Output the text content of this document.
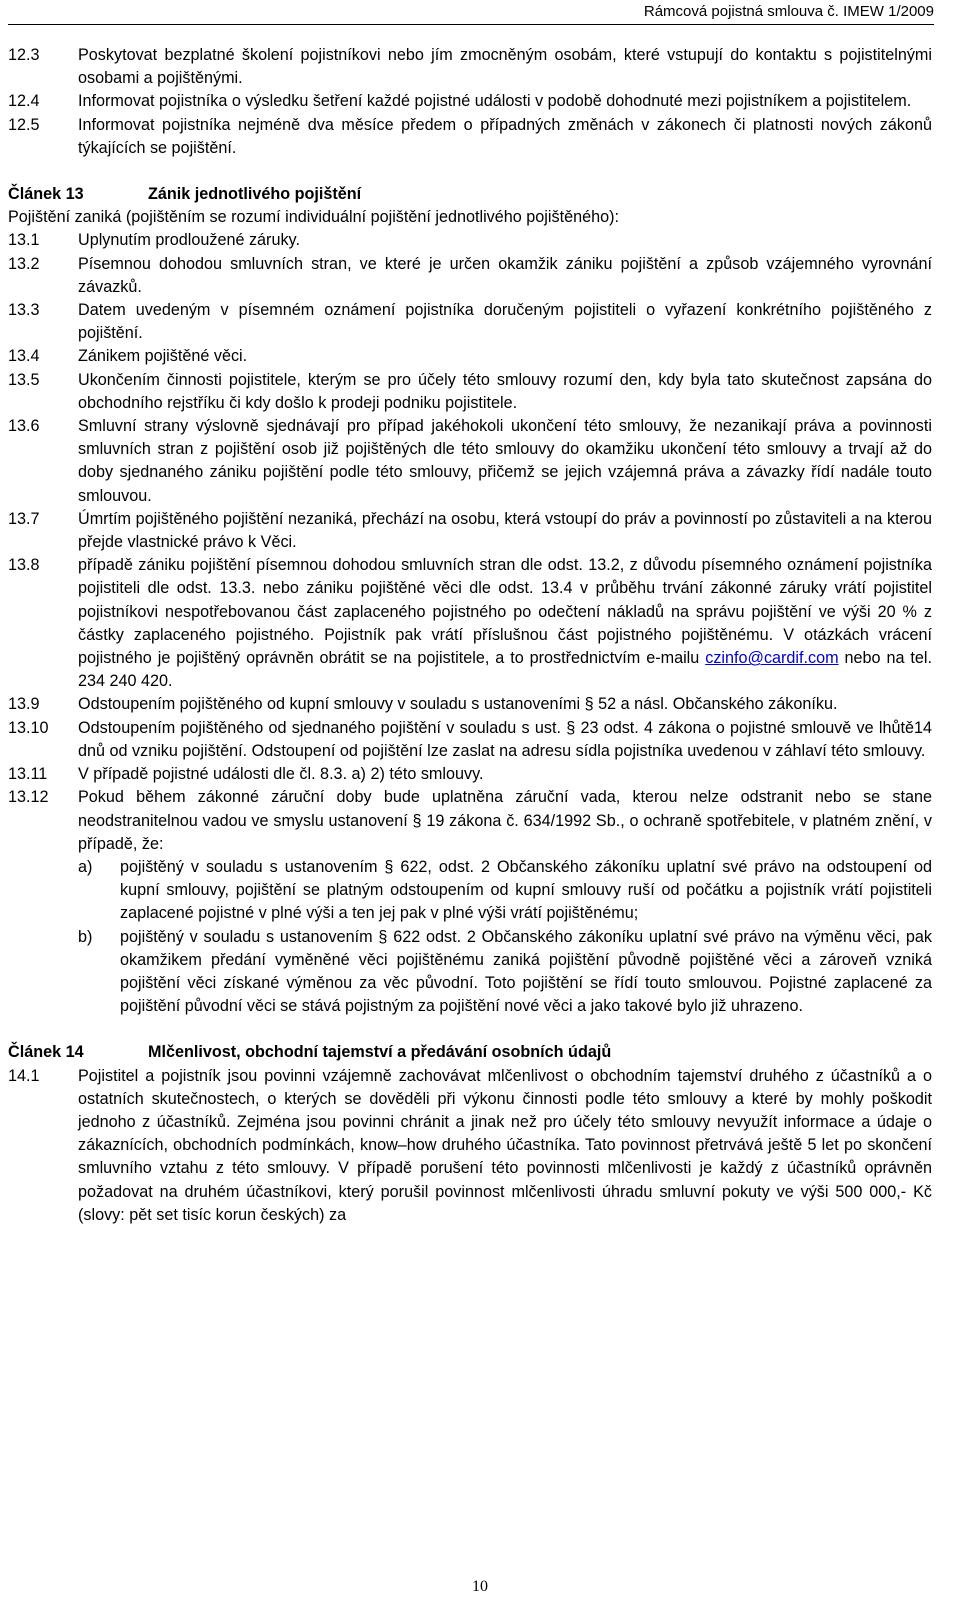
Rámcová pojistná smlouva č. IMEW 1/2009
12.3	Poskytovat bezplatné školení pojistníkovi nebo jím zmocněným osobám, které vstupují do kontaktu s pojistitelnými osobami a pojištěnými.
12.4	Informovat pojistníka o výsledku šetření každé pojistné události v podobě dohodnuté mezi pojistníkem a pojistitelem.
12.5	Informovat pojistníka nejméně dva měsíce předem o případných změnách v zákonech či platnosti nových zákonů týkajících se pojištění.
Článek 13	Zánik jednotlivého pojištění
Pojištění zaniká (pojištěním se rozumí individuální pojištění jednotlivého pojištěného):
13.1	Uplynutím prodloužené záruky.
13.2	Písemnou dohodou smluvních stran, ve které je určen okamžik zániku pojištění a způsob vzájemného vyrovnání závazků.
13.3	Datem uvedeným v písemném oznámení pojistníka doručeným pojistiteli o vyřazení konkrétního pojištěného z pojištění.
13.4	Zánikem pojištěné věci.
13.5	Ukončením činnosti pojistitele, kterým se pro účely této smlouvy rozumí den, kdy byla tato skutečnost zapsána do obchodního rejstříku či kdy došlo k prodeji podniku pojistitele.
13.6	Smluvní strany výslovně sjednávají pro případ jakéhokoli ukončení této smlouvy, že nezanikají práva a povinnosti smluvních stran z pojištění osob již pojištěných dle této smlouvy do okamžiku ukončení této smlouvy a trvají až do doby sjednaného zániku pojištění podle této smlouvy, přičemž se jejich vzájemná práva a závazky řídí nadále touto smlouvou.
13.7	Úmrtím pojištěného pojištění nezaniká, přechází na osobu, která vstoupí do práv a povinností po zůstaviteli a na kterou přejde vlastnické právo k Věci.
13.8	případě zániku pojištění písemnou dohodou smluvních stran dle odst. 13.2, z důvodu písemného oznámení pojistníka pojistiteli dle odst. 13.3. nebo zániku pojištěné věci dle odst. 13.4 v průběhu trvání zákonné záruky vrátí pojistitel pojistníkovi nespotřebovanou část zaplaceného pojistného po odečtení nákladů na správu pojištění ve výši 20 % z částky zaplaceného pojistného. Pojistník pak vrátí příslušnou část pojistného pojištěnému. V otázkách vrácení pojistného je pojištěný oprávněn obrátit se na pojistitele, a to prostřednictvím e-mailu czinfo@cardif.com nebo na tel. 234 240 420.
13.9	Odstoupením pojištěného od kupní smlouvy v souladu s ustanoveními § 52 a násl. Občanského zákoníku.
13.10	Odstoupením pojištěného od sjednaného pojištění v souladu s ust. § 23 odst. 4 zákona o pojistné smlouvě ve lhůtě14 dnů od vzniku pojištění. Odstoupení od pojištění lze zaslat na adresu sídla pojistníka uvedenou v záhlaví této smlouvy.
13.11	V případě pojistné události dle čl. 8.3. a) 2) této smlouvy.
13.12	Pokud během zákonné záruční doby bude uplatněna záruční vada, kterou nelze odstranit nebo se stane neodstranitelnou vadou ve smyslu ustanovení § 19 zákona č. 634/1992 Sb., o ochraně spotřebitele, v platném znění, v případě, že:
a)	pojištěný v souladu s ustanovením § 622, odst. 2 Občanského zákoníku uplatní své právo na odstoupení od kupní smlouvy, pojištění se platným odstoupením od kupní smlouvy ruší od počátku a pojistník vrátí pojistiteli zaplacené pojistné v plné výši a ten jej pak v plné výši vrátí pojištěnému;
b)	pojištěný v souladu s ustanovením § 622 odst. 2 Občanského zákoníku uplatní své právo na výměnu věci, pak okamžikem předání vyměněné věci pojištěnému zaniká pojištění původně pojištěné věci a zároveň vzniká pojištění věci získané výměnou za věc původní. Toto pojištění se řídí touto smlouvou. Pojistné zaplacené za pojištění původní věci se stává pojistným za pojištění nové věci a jako takové bylo již uhrazeno.
Článek 14	Mlčenlivost, obchodní tajemství a předávání osobních údajů
14.1	Pojistitel a pojistník jsou povinni vzájemně zachovávat mlčenlivost o obchodním tajemství druhého z účastníků a o ostatních skutečnostech, o kterých se dověděli při výkonu činnosti podle této smlouvy a které by mohly poškodit jednoho z účastníků. Zejména jsou povinni chránit a jinak než pro účely této smlouvy nevyužít informace a údaje o zákaznících, obchodních podmínkách, know–how druhého účastníka. Tato povinnost přetrvává ještě 5 let po skončení smluvního vztahu z této smlouvy. V případě porušení této povinnosti mlčenlivosti je každý z účastníků oprávněn požadovat na druhém účastníkovi, který porušil povinnost mlčenlivosti úhradu smluvní pokuty ve výši 500 000,- Kč (slovy: pět set tisíc korun českých) za
10
